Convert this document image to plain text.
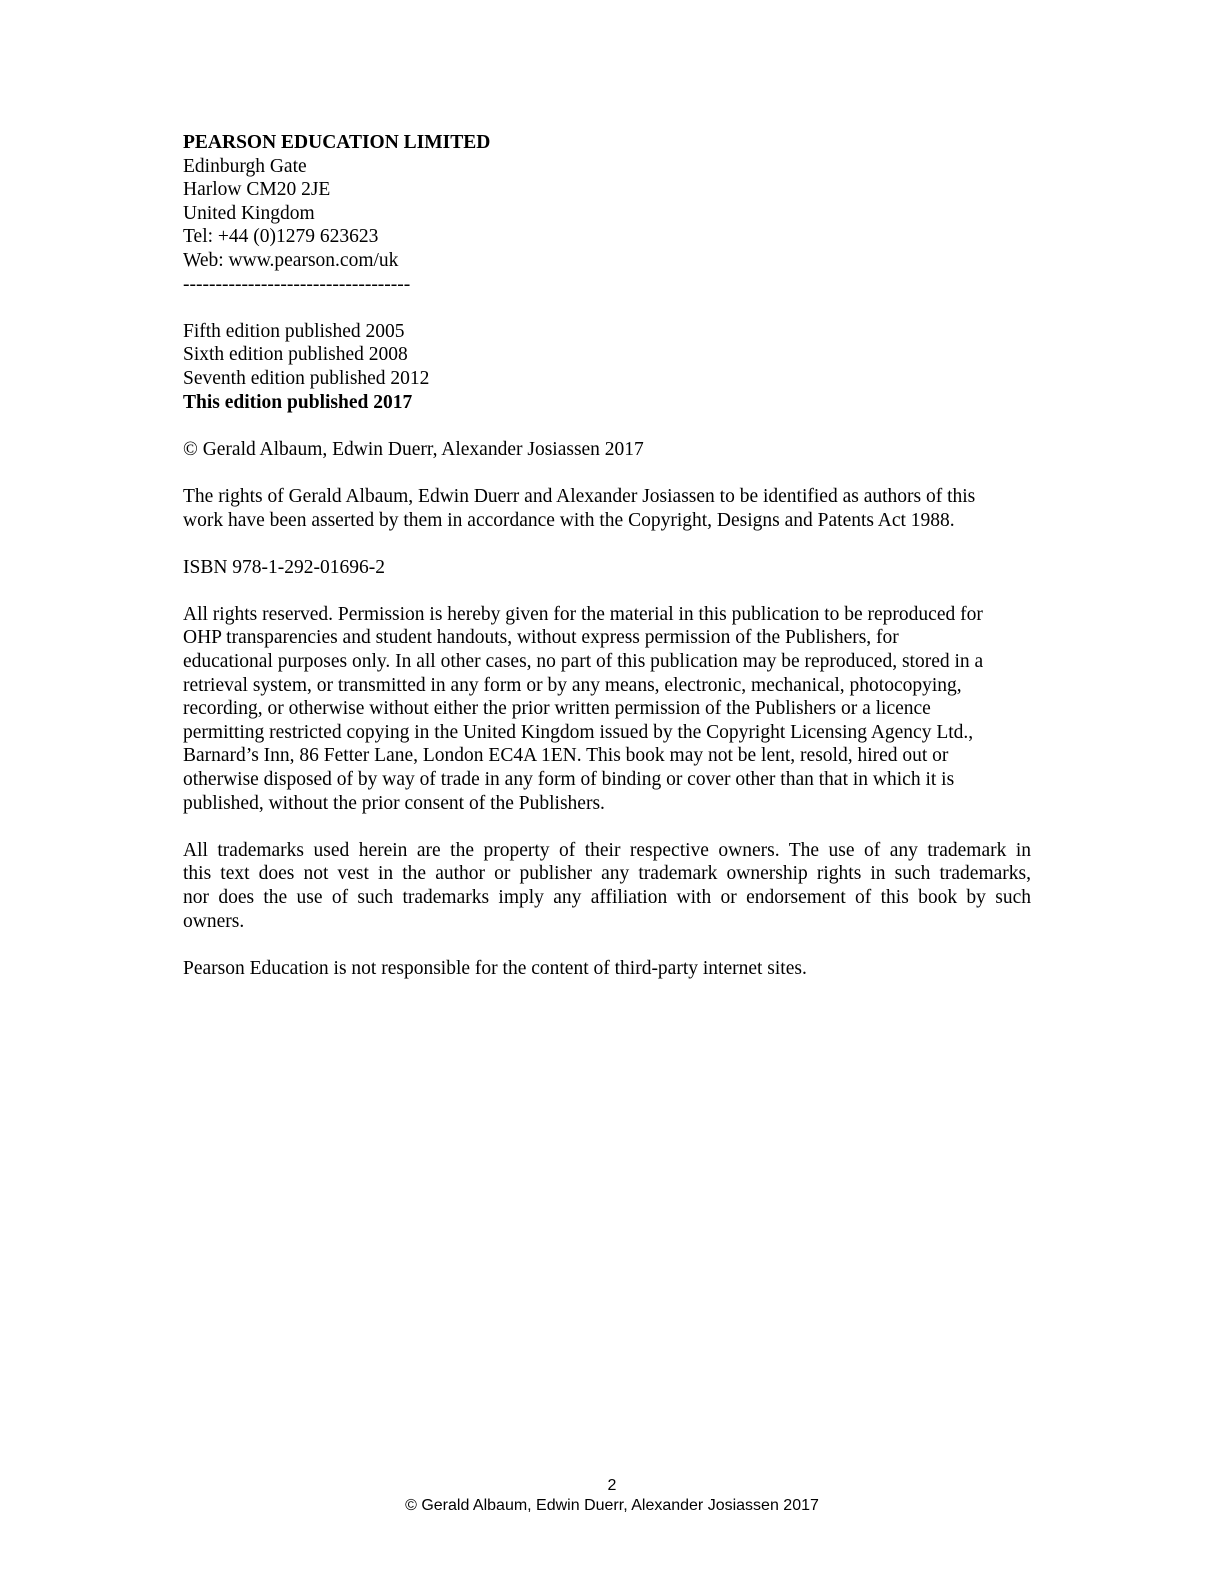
PEARSON EDUCATION LIMITED
Edinburgh Gate
Harlow CM20 2JE
United Kingdom
Tel: +44 (0)1279 623623
Web: www.pearson.com/uk
-----------------------------------
Fifth edition published 2005
Sixth edition published 2008
Seventh edition published 2012
This edition published 2017

© Gerald Albaum, Edwin Duerr, Alexander Josiassen 2017

The rights of Gerald Albaum, Edwin Duerr and Alexander Josiassen to be identified as authors of this
work have been asserted by them in accordance with the Copyright, Designs and Patents Act 1988.

ISBN 978-1-292-01696-2

All rights reserved. Permission is hereby given for the material in this publication to be reproduced for
OHP transparencies and student handouts, without express permission of the Publishers, for
educational purposes only. In all other cases, no part of this publication may be reproduced, stored in a
retrieval system, or transmitted in any form or by any means, electronic, mechanical, photocopying,
recording, or otherwise without either the prior written permission of the Publishers or a licence
permitting restricted copying in the United Kingdom issued by the Copyright Licensing Agency Ltd.,
Barnard’s Inn, 86 Fetter Lane, London EC4A 1EN. This book may not be lent, resold, hired out or
otherwise disposed of by way of trade in any form of binding or cover other than that in which it is
published, without the prior consent of the Publishers.
All trademarks used herein are the property of their respective owners. The use of any trademark in
this text does not vest in the author or publisher any trademark ownership rights in such trademarks,
nor does the use of such trademarks imply any affiliation with or endorsement of this book by such
owners.

Pearson Education is not responsible for the content of third-party internet sites.

2
© Gerald Albaum, Edwin Duerr, Alexander Josiassen 2017
